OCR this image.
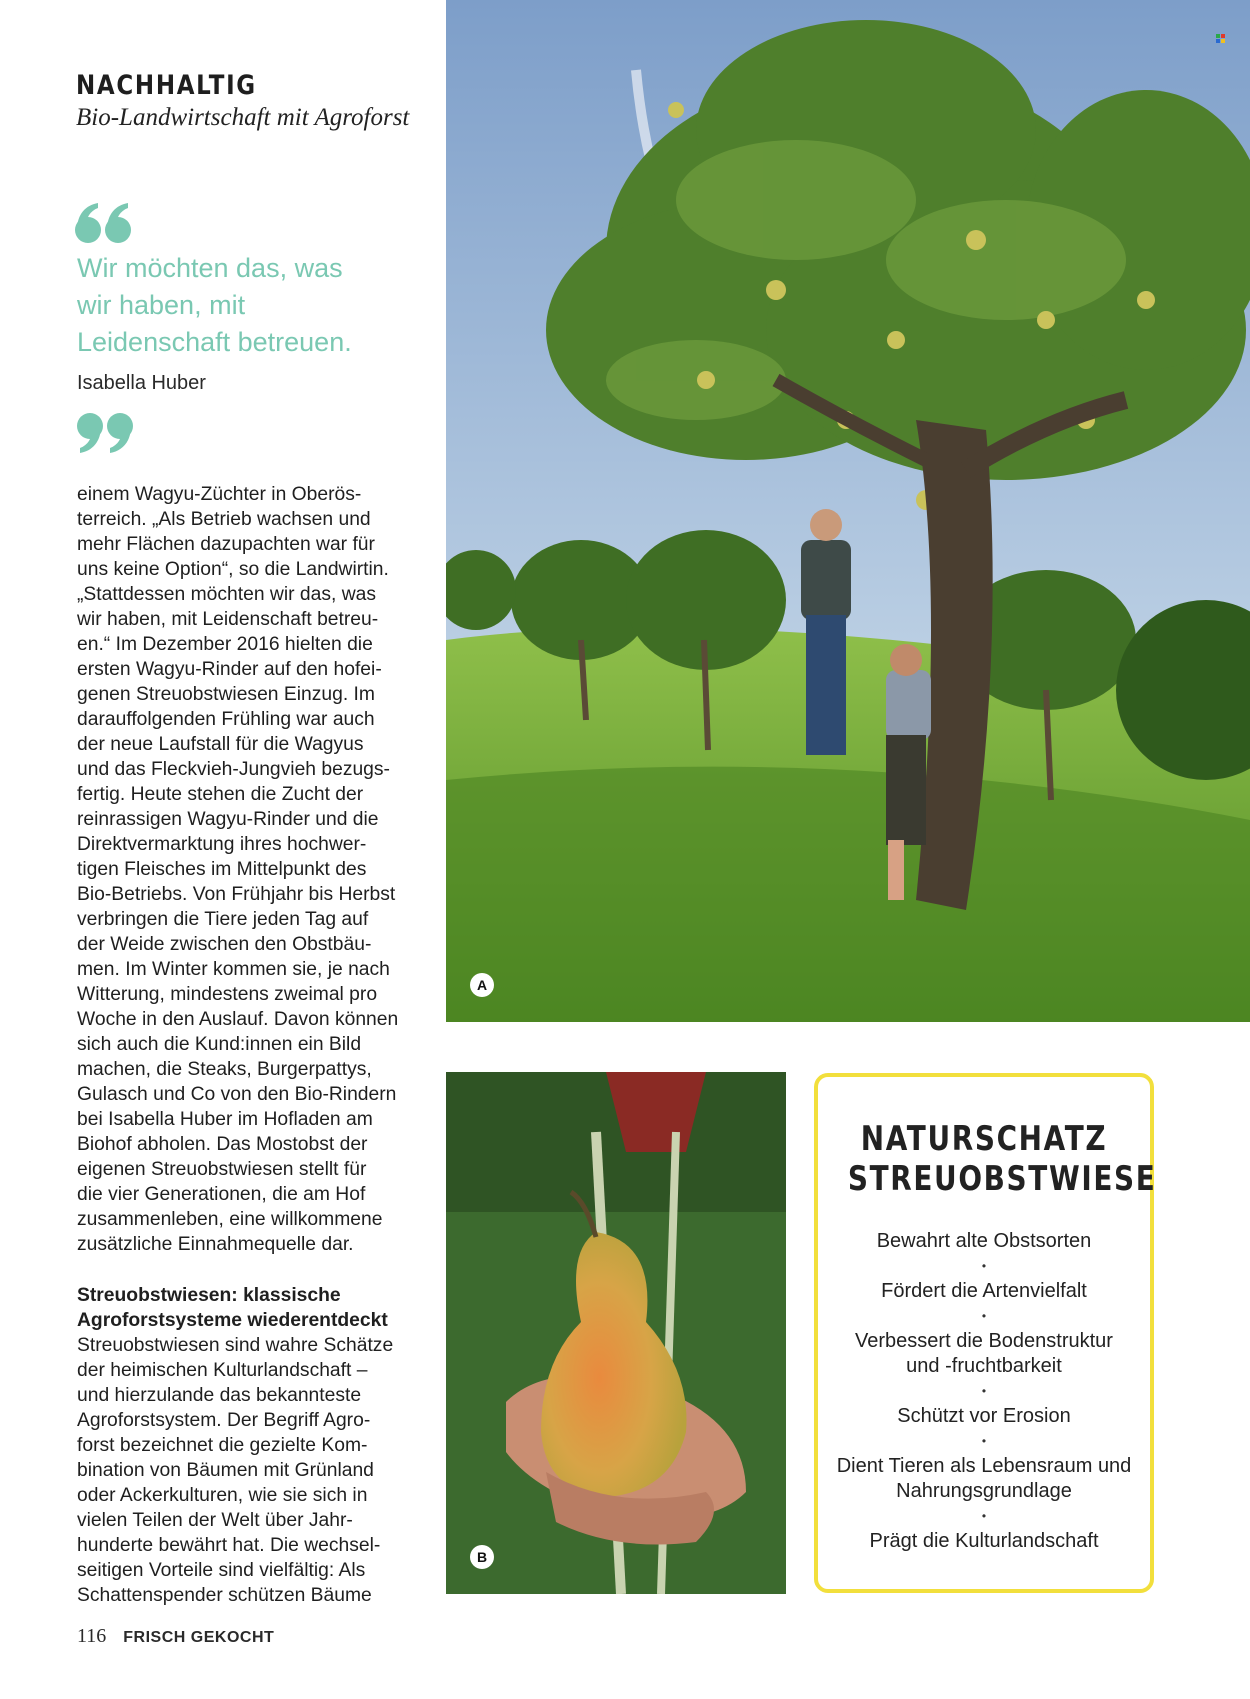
NACHHALTIG
Bio-Landwirtschaft mit Agroforst
Wir möchten das, was wir haben, mit Leidenschaft betreuen.
Isabella Huber

einem Wagyu-Züchter in Oberös-
terreich. „Als Betrieb wachsen und
mehr Flächen dazupachten war für
uns keine Option“, so die Landwirtin.
„Stattdessen möchten wir das, was
wir haben, mit Leidenschaft betreu-
en.“ Im Dezember 2016 hielten die
ersten Wagyu-Rinder auf den hofei-
genen Streuobstwiesen Einzug. Im
darauffolgenden Frühling war auch
der neue Laufstall für die Wagyus
und das Fleckvieh-Jungvieh bezugs-
fertig. Heute stehen die Zucht der
reinrassigen Wagyu-Rinder und die
Direktvermarktung ihres hochwer-
tigen Fleisches im Mittelpunkt des
Bio-Betriebs. Von Frühjahr bis Herbst
verbringen die Tiere jeden Tag auf
der Weide zwischen den Obstbäu-
men. Im Winter kommen sie, je nach
Witterung, mindestens zweimal pro
Woche in den Auslauf. Davon können
sich auch die Kund:innen ein Bild
machen, die Steaks, Burgerpattys,
Gulasch und Co von den Bio-Rindern
bei Isabella Huber im Hofladen am
Biohof abholen. Das Mostobst der
eigenen Streuobstwiesen stellt für
die vier Generationen, die am Hof
zusammenleben, eine willkommene
zusätzliche Einnahmequelle dar.

Streuobstwiesen: klassische
Agroforstsysteme wiederentdeckt
Streuobstwiesen sind wahre Schätze
der heimischen Kulturlandschaft –
und hierzulande das bekannteste
Agroforstsystem. Der Begriff Agro-
forst bezeichnet die gezielte Kom-
bination von Bäumen mit Grünland
oder Ackerkulturen, wie sie sich in
vielen Teilen der Welt über Jahr-
hunderte bewährt hat. Die wechsel-
seitigen Vorteile sind vielfältig: Als
Schattenspender schützen Bäume
A
B
NATURSCHATZ
STREUOBSTWIESE
Bewahrt alte Obstsorten
•
Fördert die Artenvielfalt
•
Verbessert die Bodenstruktur und -fruchtbarkeit
•
Schützt vor Erosion
•
Dient Tieren als Lebensraum und Nahrungsgrundlage
•
Prägt die Kulturlandschaft
116 FRISCH GEKOCHT
